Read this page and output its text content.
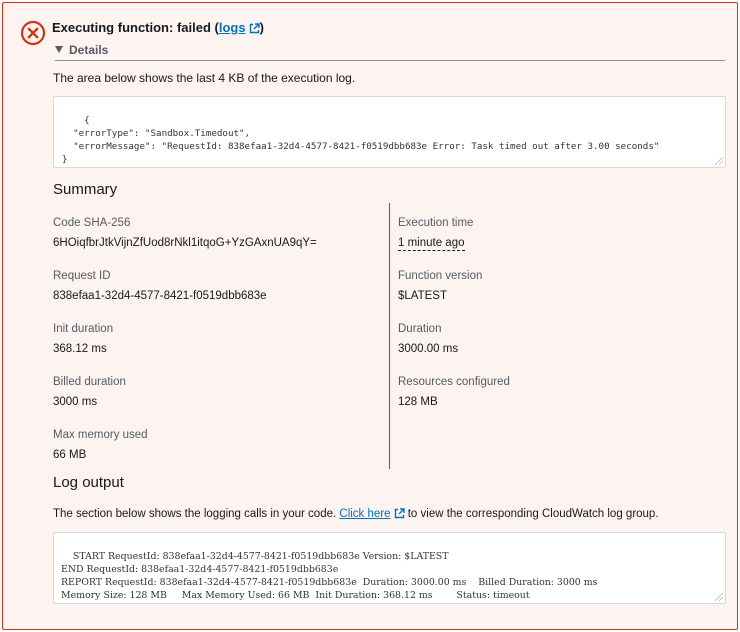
Executing function: failed (logs )
Details
The area below shows the last 4 KB of the execution log.

{
"errorType": "Sandbox.Timedout",
"errorMessage": "RequestId: 838efaa1-32d4-4577-8421-f0519dbb683e Error: Task timed out after 3.00 seconds"
}

Summary
Code SHA-256
6HOiqfbrJtkVijnZfUod8rNkl1itqoG+YzGAxnUA9qY=
Request ID
838efaa1-32d4-4577-8421-f0519dbb683e
Init duration
368.12 ms
Billed duration
3000 ms
Max memory used
66 MB
Execution time
1 minute ago
Function version
$LATEST
Duration
3000.00 ms
Resources configured
128 MB
Log output
The section below shows the logging calls in your code. Click here to view the corresponding CloudWatch log group.

START RequestId: 838efaa1-32d4-4577-8421-f0519dbb683e Version: $LATEST
END RequestId: 838efaa1-32d4-4577-8421-f0519dbb683e
REPORT RequestId: 838efaa1-32d4-4577-8421-f0519dbb683e  Duration: 3000.00 ms    Billed Duration: 3000 ms
Memory Size: 128 MB     Max Memory Used: 66 MB  Init Duration: 368.12 ms        Status: timeout
